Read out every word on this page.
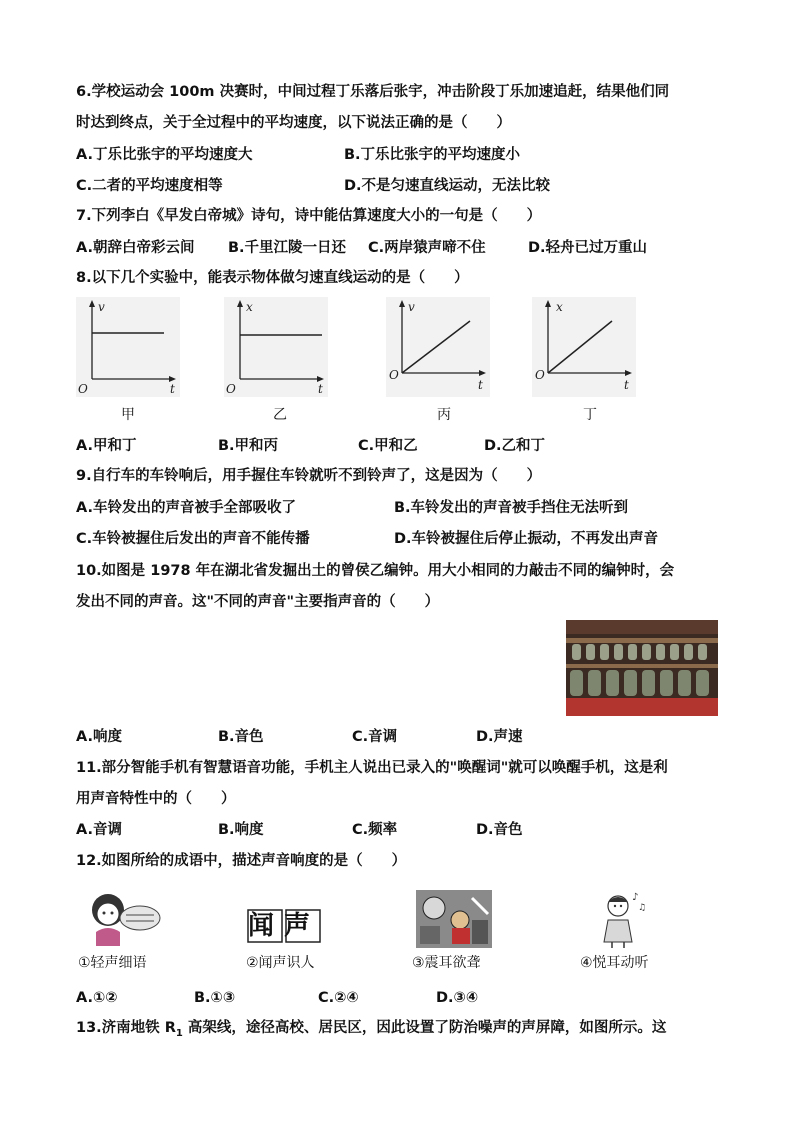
6.学校运动会 100m 决赛时，中间过程丁乐落后张宇，冲击阶段丁乐加速追赶，结果他们同
时达到终点，关于全过程中的平均速度，以下说法正确的是（　　）
A.丁乐比张宇的平均速度大	B.丁乐比张宇的平均速度小
C.二者的平均速度相等	D.不是匀速直线运动，无法比较
7.下列李白《早发白帝城》诗句，诗中能估算速度大小的一句是（　　）
A.朝辞白帝彩云间 B.千里江陵一日还 C.两岸猿声啼不住	D.轻舟已过万重山
8.以下几个实验中，能表示物体做匀速直线运动的是（　　）
v
t
O
甲
x
t
O
乙
v
t
O
丙
x
t
O
丁
A.甲和丁	B.甲和丙	C.甲和乙	D.乙和丁
9.自行车的车铃响后，用手握住车铃就听不到铃声了，这是因为（　　）
A.车铃发出的声音被手全部吸收了	B.车铃发出的声音被手挡住无法听到
C.车铃被握住后发出的声音不能传播	D.车铃被握住后停止振动，不再发出声音
10.如图是 1978 年在湖北省发掘出土的曾侯乙编钟。用大小相同的力敲击不同的编钟时，会
发出不同的声音。这"不同的声音"主要指声音的（　　）
A.响度	B.音色	C.音调	D.声速
11.部分智能手机有智慧语音功能，手机主人说出已录入的"唤醒词"就可以唤醒手机，这是利
用声音特性中的（　　）
A.音调	B.响度	C.频率	D.音色
12.如图所给的成语中，描述声音响度的是（　　）
闻声
♪
♫
①轻声细语	②闻声识人	③震耳欲聋	④悦耳动听
A.①②	B.①③	C.②④	D.③④
13.济南地铁 $R_1$ 高架线，途径高校、居民区，因此设置了防治噪声的声屏障，如图所示。这
